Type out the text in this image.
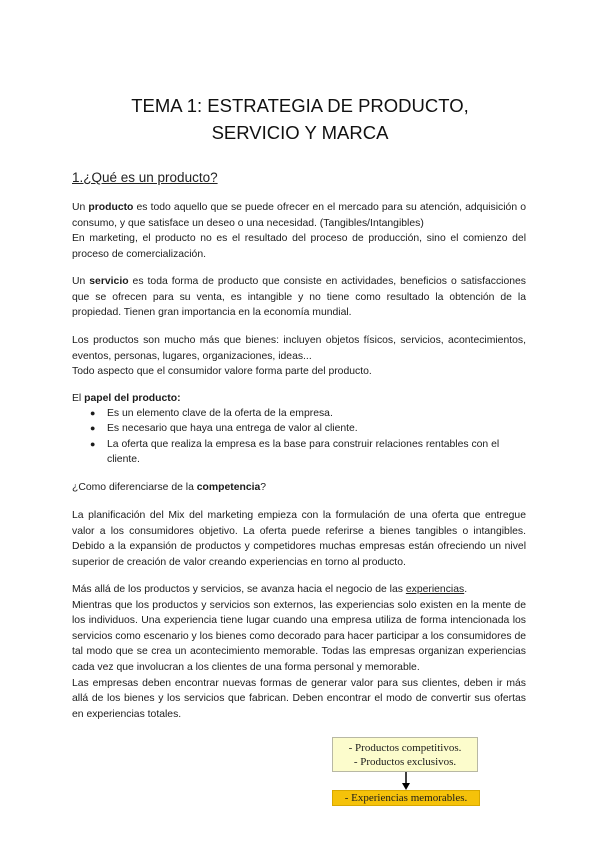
TEMA 1: ESTRATEGIA DE PRODUCTO,
SERVICIO Y MARCA
1.¿Qué es un producto?

Un producto es todo aquello que se puede ofrecer en el mercado para su atención, adquisición o consumo, y que satisface un deseo o una necesidad. (Tangibles/Intangibles)

En marketing, el producto no es el resultado del proceso de producción, sino el comienzo del proceso de comercialización.

Un servicio es toda forma de producto que consiste en actividades, beneficios o satisfacciones que se ofrecen para su venta, es intangible y no tiene como resultado la obtención de la propiedad. Tienen gran importancia en la economía mundial.

Los productos son mucho más que bienes: incluyen objetos físicos, servicios, acontecimientos, eventos, personas, lugares, organizaciones, ideas...

Todo aspecto que el consumidor valore forma parte del producto.

El papel del producto:

● Es un elemento clave de la oferta de la empresa.
● Es necesario que haya una entrega de valor al cliente.
● La oferta que realiza la empresa es la base para construir relaciones rentables con el cliente.

¿Como diferenciarse de la competencia?

La planificación del Mix del marketing empieza con la formulación de una oferta que entregue valor a los consumidores objetivo. La oferta puede referirse a bienes tangibles o intangibles. Debido a la expansión de productos y competidores muchas empresas están ofreciendo un nivel superior de creación de valor creando experiencias en torno al producto.

Más allá de los productos y servicios, se avanza hacia el negocio de las experiencias.

Mientras que los productos y servicios son externos, las experiencias solo existen en la mente de los individuos. Una experiencia tiene lugar cuando una empresa utiliza de forma intencionada los servicios como escenario y los bienes como decorado para hacer participar a los consumidores de tal modo que se crea un acontecimiento memorable. Todas las empresas organizan experiencias cada vez que involucran a los clientes de una forma personal y memorable.

Las empresas deben encontrar nuevas formas de generar valor para sus clientes, deben ir más allá de los bienes y los servicios que fabrican. Deben encontrar el modo de convertir sus ofertas en experiencias totales.

- Productos competitivos.
- Productos exclusivos.
- Experiencias memorables.
